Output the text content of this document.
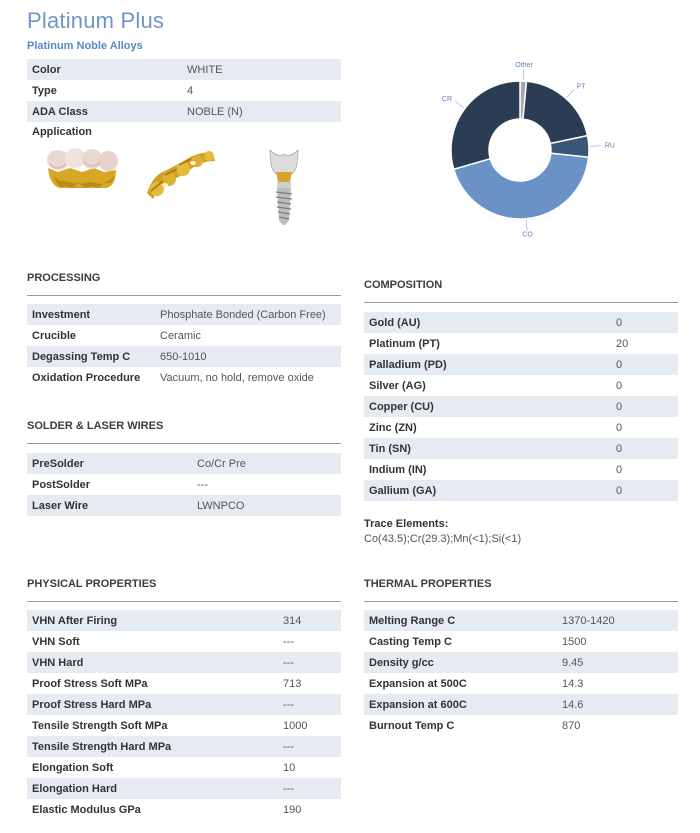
Platinum Plus
Platinum Noble Alloys
Color	WHITE
Type	4
ADA Class	NOBLE (N)
Application
Other
PT
RU
CO
CR
PROCESSING
Investment	Phosphate Bonded (Carbon Free)
Crucible	Ceramic
Degassing Temp C	650-1010
Oxidation Procedure	Vacuum, no hold, remove oxide
SOLDER & LASER WIRES
PreSolder	Co/Cr Pre
PostSolder	---
Laser Wire	LWNPCO
COMPOSITION
Gold (AU)	0
Platinum (PT)	20
Palladium (PD)	0
Silver (AG)	0
Copper (CU)	0
Zinc (ZN)	0
Tin (SN)	0
Indium (IN)	0
Gallium (GA)	0
Trace Elements:
Co(43.5);Cr(29.3);Mn(<1);Si(<1)
PHYSICAL PROPERTIES
VHN After Firing	314
VHN Soft	---
VHN Hard	---
Proof Stress Soft MPa	713
Proof Stress Hard MPa	---
Tensile Strength Soft MPa	1000
Tensile Strength Hard MPa	---
Elongation Soft	10
Elongation Hard	---
Elastic Modulus GPa	190
THERMAL PROPERTIES
Melting Range C	1370-1420
Casting Temp C	1500
Density g/cc	9.45
Expansion at 500C	14.3
Expansion at 600C	14.6
Burnout Temp C	870
